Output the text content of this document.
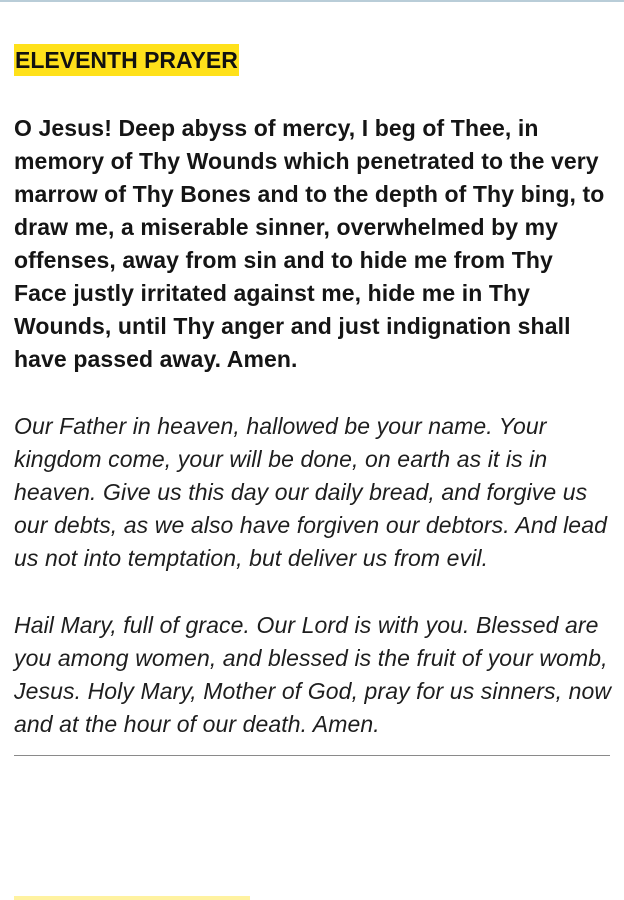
ELEVENTH PRAYER

O Jesus! Deep abyss of mercy, I beg of Thee, in memory of Thy Wounds which penetrated to the very marrow of Thy Bones and to the depth of Thy bing, to draw me, a miserable sinner, overwhelmed by my offenses, away from sin and to hide me from Thy Face justly irritated against me, hide me in Thy Wounds, until Thy anger and just indignation shall have passed away. Amen.

Our Father in heaven, hallowed be your name. Your kingdom come, your will be done, on earth as it is in heaven. Give us this day our daily bread, and forgive us our debts, as we also have forgiven our debtors. And lead us not into temptation, but deliver us from evil.

Hail Mary, full of grace. Our Lord is with you. Blessed are you among women, and blessed is the fruit of your womb, Jesus. Holy Mary, Mother of God, pray for us sinners, now and at the hour of our death. Amen.
